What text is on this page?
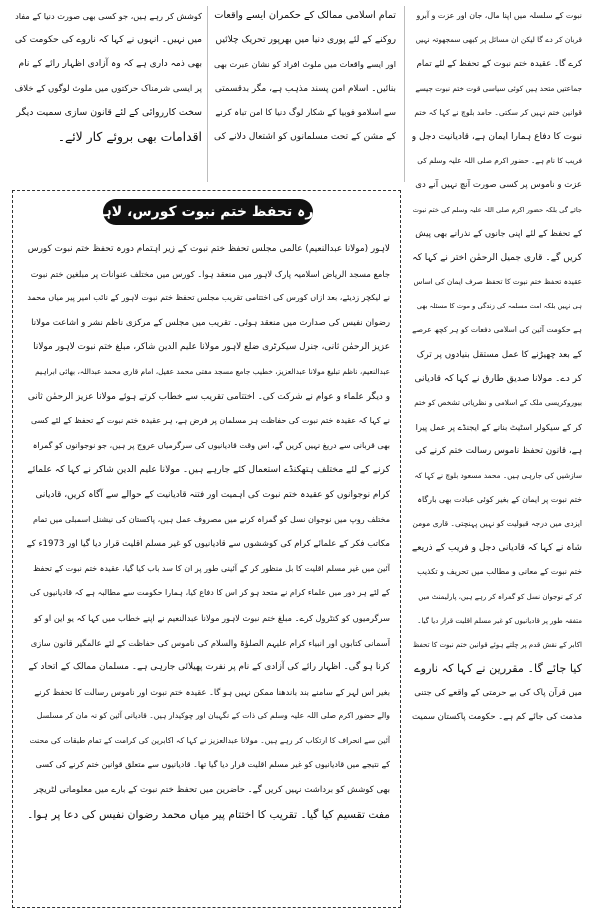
نبوت کے سلسلہ میں اپنا مال، جان اور عزت و آبرو
قربان کر دے گا لیکن ان مسائل پر کبھی سمجھوتہ نہیں
کرے گا۔ عقیدہ ختم نبوت کے تحفظ کے لئے تمام
جماعتیں متحد ہیں کوئی سیاسی قوت ختم نبوت جیسے
قوانین ختم نہیں کر سکتی۔ حامد بلوچ نے کہا کہ ختم
نبوت کا دفاع ہمارا ایمان ہے، قادیانیت دجل و
فریب کا نام ہے۔ حضور اکرم صلی اللہ علیہ وسلم کی
عزت و ناموس پر کسی صورت آنچ نہیں آنے دی
جائے گی بلکہ حضور اکرم صلی اللہ علیہ وسلم کی ختم نبوت
کے تحفظ کے لئے اپنی جانوں کے نذرانے بھی پیش
کریں گے۔ قاری جمیل الرحمٰن اختر نے کہا کہ
عقیدہ تحفظ ختم نبوت کا تحفظ صرف ایمان کی اساس
ہی نہیں بلکہ امت مسلمہ کی زندگی و موت کا مسئلہ بھی
ہے حکومت آئین کی اسلامی دفعات کو ہر کچھ عرصے
کے بعد چھیڑنے کا عمل مستقل بنیادوں پر ترک
کر دے۔ مولانا صدیق طارق نے کہا کہ قادیانی
بیوروکریسی ملک کے اسلامی و نظریاتی تشخص کو ختم
کر کے سیکولر اسٹیٹ بنانے کے ایجنڈے پر عمل پیرا
ہے، قانون تحفظ ناموس رسالت ختم کرنے کی
سازشیں کی جارہی ہیں۔ محمد مسعود بلوچ نے کہا کہ
ختم نبوت پر ایمان کے بغیر کوئی عبادت بھی بارگاہ
ایزدی میں درجہ قبولیت کو نہیں پہنچتی۔ قاری مومن
شاہ نے کہا کہ قادیانی دجل و فریب کے ذریعے
ختم نبوت کے معانی و مطالب میں تحریف و تکذیب
کر کے نوجوان نسل کو گمراہ کر رہے ہیں، پارلیمنٹ میں
متفقہ طور پر قادیانیوں کو غیر مسلم اقلیت قرار دیا گیا۔
اکابر کے نقش قدم پر چلتے ہوئے قوانین ختم نبوت کا تحفظ
کیا جائے گا۔ مقررین نے کہا کہ ناروے
میں قرآن پاک کی بے حرمتی کے واقعے کی جتنی
مذمت کی جائے کم ہے۔ حکومت پاکستان سمیت
تمام اسلامی ممالک کے حکمران ایسے واقعات
روکنے کے لئے پوری دنیا میں بھرپور تحریک چلائیں
اور ایسے واقعات میں ملوث افراد کو نشان عبرت بھی
بنائیں۔ اسلام امن پسند مذہب ہے، مگر بدقسمتی
سے اسلامو فوبیا کے شکار لوگ دنیا کا امن تباہ کرنے
کے مشن کے تحت مسلمانوں کو اشتعال دلانے کی
کوشش کر رہے ہیں، جو کسی بھی صورت دنیا کے مفاد
میں نہیں۔ انہوں نے کہا کہ ناروے کی حکومت کی
بھی ذمہ داری ہے کہ وہ آزادی اظہار رائے کے نام
پر ایسی شرمناک حرکتوں میں ملوث لوگوں کے خلاف
سخت کارروائی کے لئے قانون سازی سمیت دیگر
اقدامات بھی بروئے کار لائے۔
دورہ تحفظ ختم نبوت کورس، لاہور
لاہور (مولانا عبدالنعیم) عالمی مجلس تحفظ ختم نبوت کے زیر اہتمام دورہ تحفظ ختم نبوت کورس
جامع مسجد الریاض اسلامیہ پارک لاہور میں منعقد ہوا۔ کورس میں مختلف عنوانات پر مبلغین ختم نبوت
نے لیکچر زدیئے، بعد ازاں کورس کی اختتامی تقریب مجلس تحفظ ختم نبوت لاہور کے نائب امیر پیر میاں محمد
رضوان نفیس کی صدارت میں منعقد ہوئی۔ تقریب میں مجلس کے مرکزی ناظم نشر و اشاعت مولانا
عزیز الرحمٰن ثانی، جنرل سیکرٹری ضلع لاہور مولانا علیم الدین شاکر، مبلغ ختم نبوت لاہور مولانا
عبدالنعیم، ناظم تبلیغ مولانا عبدالعزیز، خطیب جامع مسجد مفتی محمد عقیل، امام قاری محمد عبداللہ، بھائی ابراہیم
و دیگر علماء و عوام نے شرکت کی۔ اختتامی تقریب سے خطاب کرتے ہوئے مولانا عزیز الرحمٰن ثانی
نے کہا کہ عقیدہ ختم نبوت کی حفاظت ہر مسلمان پر فرض ہے، ہر عقیدہ ختم نبوت کے تحفظ کے لئے کسی
بھی قربانی سے دریغ نہیں کریں گے، اس وقت قادیانیوں کی سرگرمیاں عروج پر ہیں، جو نوجوانوں کو گمراہ
کرنے کے لئے مختلف ہتھکنڈے استعمال کئے جارہے ہیں۔ مولانا علیم الدین شاکر نے کہا کہ علمائے
کرام نوجوانوں کو عقیدہ ختم نبوت کی اہمیت اور فتنہ قادیانیت کے حوالے سے آگاہ کریں، قادیانی
مختلف روپ میں نوجوان نسل کو گمراہ کرنے میں مصروف عمل ہیں، پاکستان کی نیشنل اسمبلی میں تمام
مکاتب فکر کے علمائے کرام کی کوششوں سے قادیانیوں کو غیر مسلم اقلیت قرار دیا گیا اور 1973ء کے
آئین میں غیر مسلم اقلیت کا بل منظور کر کے آئینی طور پر ان کا سد باب کیا گیا، عقیدہ ختم نبوت کے تحفظ
کے لئے ہر دور میں علماء کرام نے متحد ہو کر اس کا دفاع کیا، ہمارا حکومت سے مطالبہ ہے کہ قادیانیوں کی
سرگرمیوں کو کنٹرول کرے۔ مبلغ ختم نبوت لاہور مولانا عبدالنعیم نے اپنے خطاب میں کہا کہ یو این او کو
آسمانی کتابوں اور انبیاء کرام علیہم الصلوٰۃ والسلام کی ناموس کی حفاظت کے لئے عالمگیر قانون سازی
کرنا ہو گی۔ اظہار رائے کی آزادی کے نام پر نفرت پھیلائی جارہی ہے۔ مسلمان ممالک کے اتحاد کے
بغیر اس لہر کے سامنے بند باندھنا ممکن نہیں ہو گا۔ عقیدہ ختم نبوت اور ناموس رسالت کا تحفظ کرنے
والے حضور اکرم صلی اللہ علیہ وسلم کی ذات کے نگہبان اور چوکیدار ہیں۔ قادیانی آئین کو نہ مان کر مسلسل
آئین سے انحراف کا ارتکاب کر رہے ہیں۔ مولانا عبدالعزیز نے کہا کہ اکابرین کی کرامت کے تمام طبقات کی محنت
کے نتیجے میں قادیانیوں کو غیر مسلم اقلیت قرار دیا گیا تھا۔ قادیانیوں سے متعلق قوانین ختم کرنے کی کسی
بھی کوشش کو برداشت نہیں کریں گے۔ حاضرین میں تحفظ ختم نبوت کے بارے میں معلوماتی لٹریچر
مفت تقسیم کیا گیا۔ تقریب کا اختتام پیر میاں محمد رضوان نفیس کی دعا پر ہوا۔
